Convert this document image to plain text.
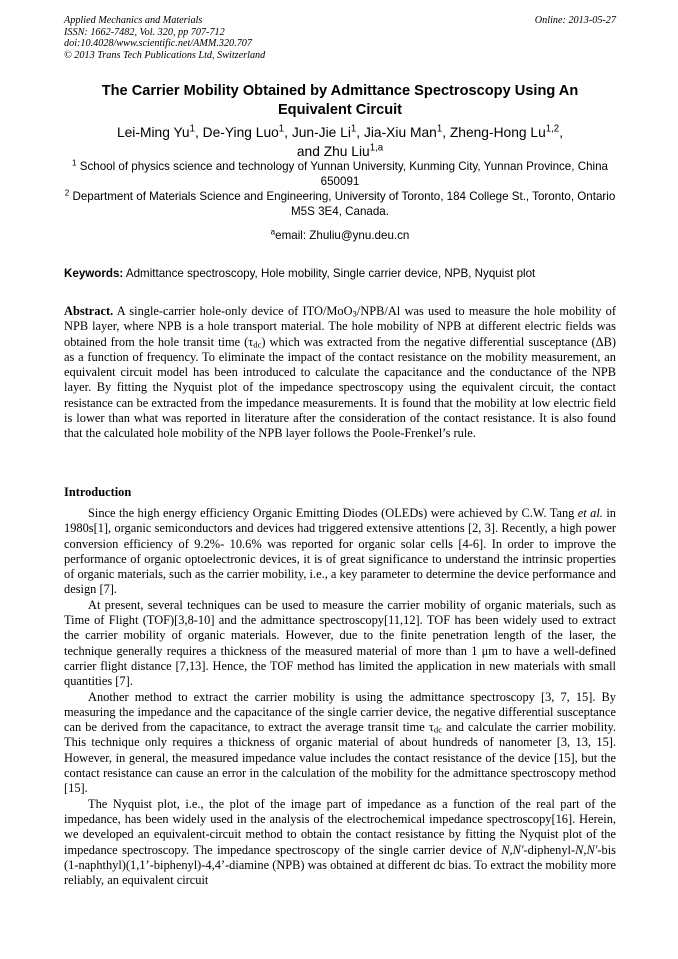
Applied Mechanics and Materials
ISSN: 1662-7482, Vol. 320, pp 707-712
doi:10.4028/www.scientific.net/AMM.320.707
© 2013 Trans Tech Publications Ltd, Switzerland
Online: 2013-05-27
The Carrier Mobility Obtained by Admittance Spectroscopy Using An Equivalent Circuit
Lei-Ming Yu$^1$, De-Ying Luo$^1$, Jun-Jie Li$^1$, Jia-Xiu Man$^1$, Zheng-Hong Lu$^{1,2}$,
and Zhu Liu$^{1,a}$
$^1$ School of physics science and technology of Yunnan University, Kunming City, Yunnan Province, China 650091
$^2$ Department of Materials Science and Engineering, University of Toronto, 184 College St., Toronto, Ontario M5S 3E4, Canada.
$^a$email: Zhuliu@ynu.deu.cn
Keywords: Admittance spectroscopy, Hole mobility, Single carrier device, NPB, Nyquist plot
Abstract. A single-carrier hole-only device of ITO/MoO$_3$/NPB/Al was used to measure the hole mobility of NPB layer, where NPB is a hole transport material. The hole mobility of NPB at different electric fields was obtained from the hole transit time $(\tau_{dc})$ which was extracted from the negative differential susceptance (ΔB) as a function of frequency. To eliminate the impact of the contact resistance on the mobility measurement, an equivalent circuit model has been introduced to calculate the capacitance and the conductance of the NPB layer. By fitting the Nyquist plot of the impedance spectroscopy using the equivalent circuit, the contact resistance can be extracted from the impedance measurements. It is found that the mobility at low electric field is lower than what was reported in literature after the consideration of the contact resistance. It is also found that the calculated hole mobility of the NPB layer follows the Poole-Frenkel’s rule.
Introduction

Since the high energy efficiency Organic Emitting Diodes (OLEDs) were achieved by C.W. Tang et al. in 1980s[1], organic semiconductors and devices had triggered extensive attentions [2, 3]. Recently, a high power conversion efficiency of 9.2%- 10.6% was reported for organic solar cells [4-6]. In order to improve the performance of organic optoelectronic devices, it is of great significance to understand the intrinsic properties of organic materials, such as the carrier mobility, i.e., a key parameter to determine the device performance and design [7].

At present, several techniques can be used to measure the carrier mobility of organic materials, such as Time of Flight (TOF)[3,8-10] and the admittance spectroscopy[11,12]. TOF has been widely used to extract the carrier mobility of organic materials. However, due to the finite penetration length of the laser, the technique generally requires a thickness of the measured material of more than 1 μm to have a well-defined carrier flight distance [7,13]. Hence, the TOF method has limited the application in new materials with small quantities [7].

Another method to extract the carrier mobility is using the admittance spectroscopy [3, 7, 15]. By measuring the impedance and the capacitance of the single carrier device, the negative differential susceptance can be derived from the capacitance, to extract the average transit time $\tau_{dc}$ and calculate the carrier mobility. This technique only requires a thickness of organic material of about hundreds of nanometer [3, 13, 15]. However, in general, the measured impedance value includes the contact resistance of the device [15], but the contact resistance can cause an error in the calculation of the mobility for the admittance spectroscopy method [15].

The Nyquist plot, i.e., the plot of the image part of impedance as a function of the real part of the impedance, has been widely used in the analysis of the electrochemical impedance spectroscopy[16]. Herein, we developed an equivalent-circuit method to obtain the contact resistance by fitting the Nyquist plot of the impedance spectroscopy. The impedance spectroscopy of the single carrier device of N,N'-diphenyl-N,N'-bis (1-naphthyl)(1,1’-biphenyl)-4,4’-diamine (NPB) was obtained at different dc bias. To extract the mobility more reliably, an equivalent circuit
